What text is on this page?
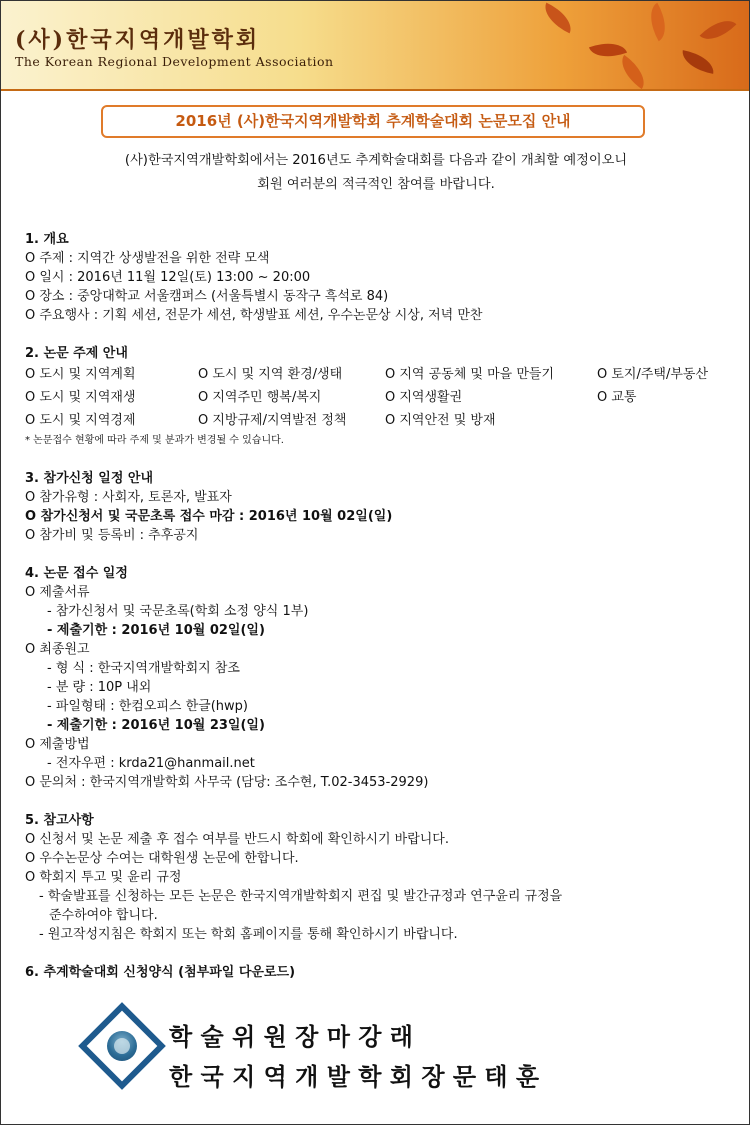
(사)한국지역개발학회
The Korean Regional Development Association
2016년 (사)한국지역개발학회 추계학술대회 논문모집 안내
(사)한국지역개발학회에서는 2016년도 추계학술대회를 다음과 같이 개최할 예정이오니
회원 여러분의 적극적인 참여를 바랍니다.
1. 개요
O 주제 : 지역간 상생발전을 위한 전략 모색
O 일시 : 2016년 11월 12일(토) 13:00 ~ 20:00
O 장소 : 중앙대학교 서울캠퍼스 (서울특별시 동작구 흑석로 84)
O 주요행사 : 기획 세션, 전문가 세션, 학생발표 세션, 우수논문상 시상, 저녁 만찬
2. 논문 주제 안내
O 도시 및 지역계획	O 도시 및 지역 환경/생태	O 지역 공동체 및 마을 만들기	O 토지/주택/부동산
O 도시 및 지역재생	O 지역주민 행복/복지	O 지역생활권	O 교통
O 도시 및 지역경제	O 지방규제/지역발전 정책	O 지역안전 및 방재
* 논문접수 현황에 따라 주제 및 분과가 변경될 수 있습니다.
3. 참가신청 일정 안내
O 참가유형 : 사회자, 토론자, 발표자
O 참가신청서 및 국문초록 접수 마감 : 2016년 10월 02일(일)
O 참가비 및 등록비 : 추후공지
4. 논문 접수 일정
O 제출서류
- 참가신청서 및 국문초록(학회 소정 양식 1부)
- 제출기한 : 2016년 10월 02일(일)
O 최종원고
- 형 식 : 한국지역개발학회지 참조
- 분 량 : 10P 내외
- 파일형태 : 한컴오피스 한글(hwp)
- 제출기한 : 2016년 10월 23일(일)
O 제출방법
- 전자우편 : krda21@hanmail.net
O 문의처 : 한국지역개발학회 사무국 (담당: 조수현, T.02-3453-2929)
5. 참고사항
O 신청서 및 논문 제출 후 접수 여부를 반드시 학회에 확인하시기 바랍니다.
O 우수논문상 수여는 대학원생 논문에 한합니다.
O 학회지 투고 및 윤리 규정
- 학술발표를 신청하는 모든 논문은 한국지역개발학회지 편집 및 발간규정과 연구윤리 규정을
준수하여야 합니다.
- 원고작성지침은 학회지 또는 학회 홈페이지를 통해 확인하시기 바랍니다.
6. 추계학술대회 신청양식 (첨부파일 다운로드)
학 술 위 원 장 마 강 래
한 국 지 역 개 발 학 회 장 문 태 훈
